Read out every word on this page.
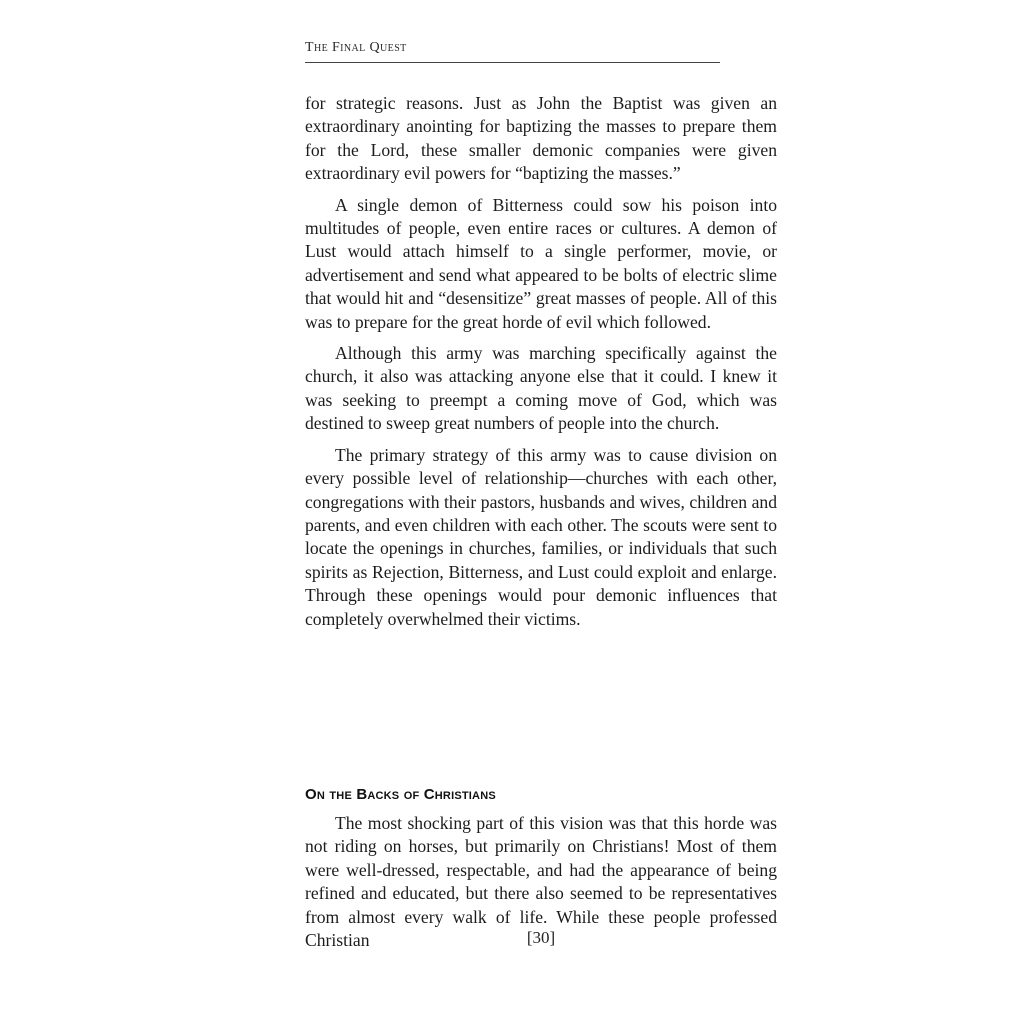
The Final Quest

for strategic reasons. Just as John the Baptist was given an extraordinary anointing for baptizing the masses to prepare them for the Lord, these smaller demonic companies were given extraordinary evil powers for “baptizing the masses.”

A single demon of Bitterness could sow his poison into multitudes of people, even entire races or cultures. A demon of Lust would attach himself to a single performer, movie, or advertisement and send what appeared to be bolts of electric slime that would hit and “desensitize” great masses of people. All of this was to prepare for the great horde of evil which followed.

Although this army was marching specifically against the church, it also was attacking anyone else that it could. I knew it was seeking to preempt a coming move of God, which was destined to sweep great numbers of people into the church.

The primary strategy of this army was to cause division on every possible level of relationship—churches with each other, congregations with their pastors, husbands and wives, children and parents, and even children with each other. The scouts were sent to locate the openings in churches, families, or individuals that such spirits as Rejection, Bitterness, and Lust could exploit and enlarge. Through these openings would pour demonic influences that completely overwhelmed their victims.

On the Backs of Christians

The most shocking part of this vision was that this horde was not riding on horses, but primarily on Christians! Most of them were well-dressed, respectable, and had the appearance of being refined and educated, but there also seemed to be representatives from almost every walk of life. While these people professed Christian	[30]
